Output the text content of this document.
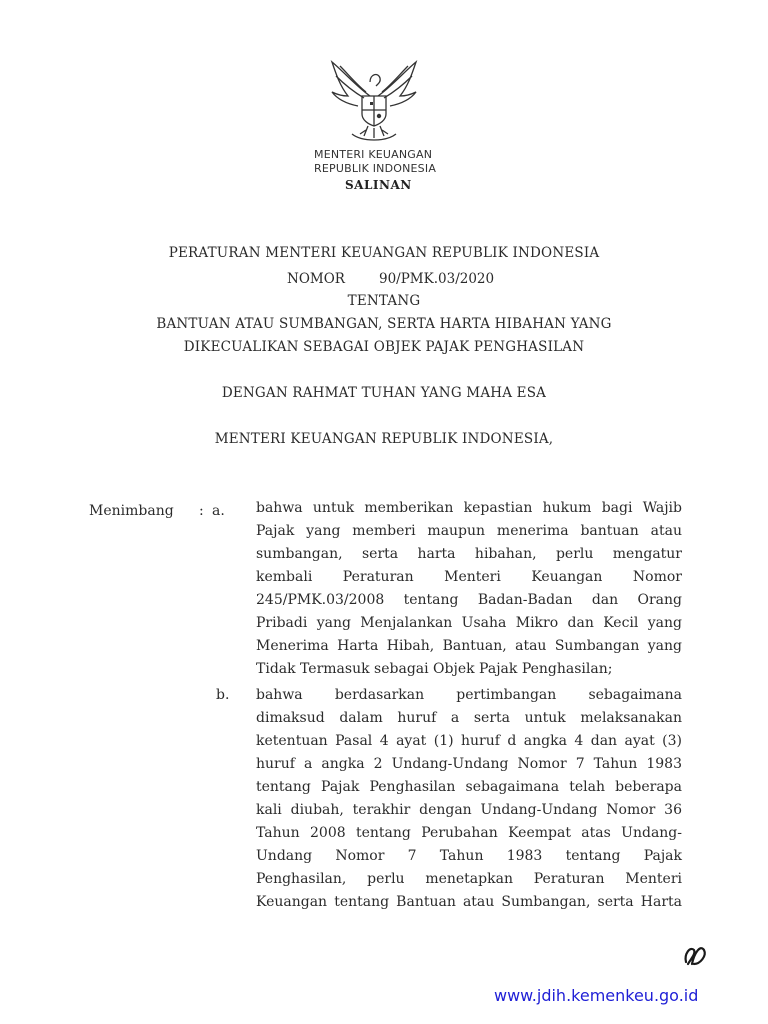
MENTERI KEUANGAN
REPUBLIK INDONESIA
SALINAN
PERATURAN MENTERI KEUANGAN REPUBLIK INDONESIA
NOMOR	90/PMK.03/2020
TENTANG
BANTUAN ATAU SUMBANGAN, SERTA HARTA HIBAHAN YANG
DIKECUALIKAN SEBAGAI OBJEK PAJAK PENGHASILAN
DENGAN RAHMAT TUHAN YANG MAHA ESA
MENTERI KEUANGAN REPUBLIK INDONESIA,
Menimbang : a. bahwa untuk memberikan kepastian hukum bagi Wajib
Pajak yang memberi maupun menerima bantuan atau
sumbangan, serta harta hibahan, perlu mengatur
kembali Peraturan Menteri Keuangan Nomor
245/PMK.03/2008 tentang Badan-Badan dan Orang
Pribadi yang Menjalankan Usaha Mikro dan Kecil yang
Menerima Harta Hibah, Bantuan, atau Sumbangan yang
Tidak Termasuk sebagai Objek Pajak Penghasilan;
b. bahwa berdasarkan pertimbangan sebagaimana
dimaksud dalam huruf a serta untuk melaksanakan
ketentuan Pasal 4 ayat (1) huruf d angka 4 dan ayat (3)
huruf a angka 2 Undang-Undang Nomor 7 Tahun 1983
tentang Pajak Penghasilan sebagaimana telah beberapa
kali diubah, terakhir dengan Undang-Undang Nomor 36
Tahun 2008 tentang Perubahan Keempat atas Undang-
Undang Nomor 7 Tahun 1983 tentang Pajak
Penghasilan, perlu menetapkan Peraturan Menteri
Keuangan tentang Bantuan atau Sumbangan, serta Harta
www.jdih.kemenkeu.go.id
